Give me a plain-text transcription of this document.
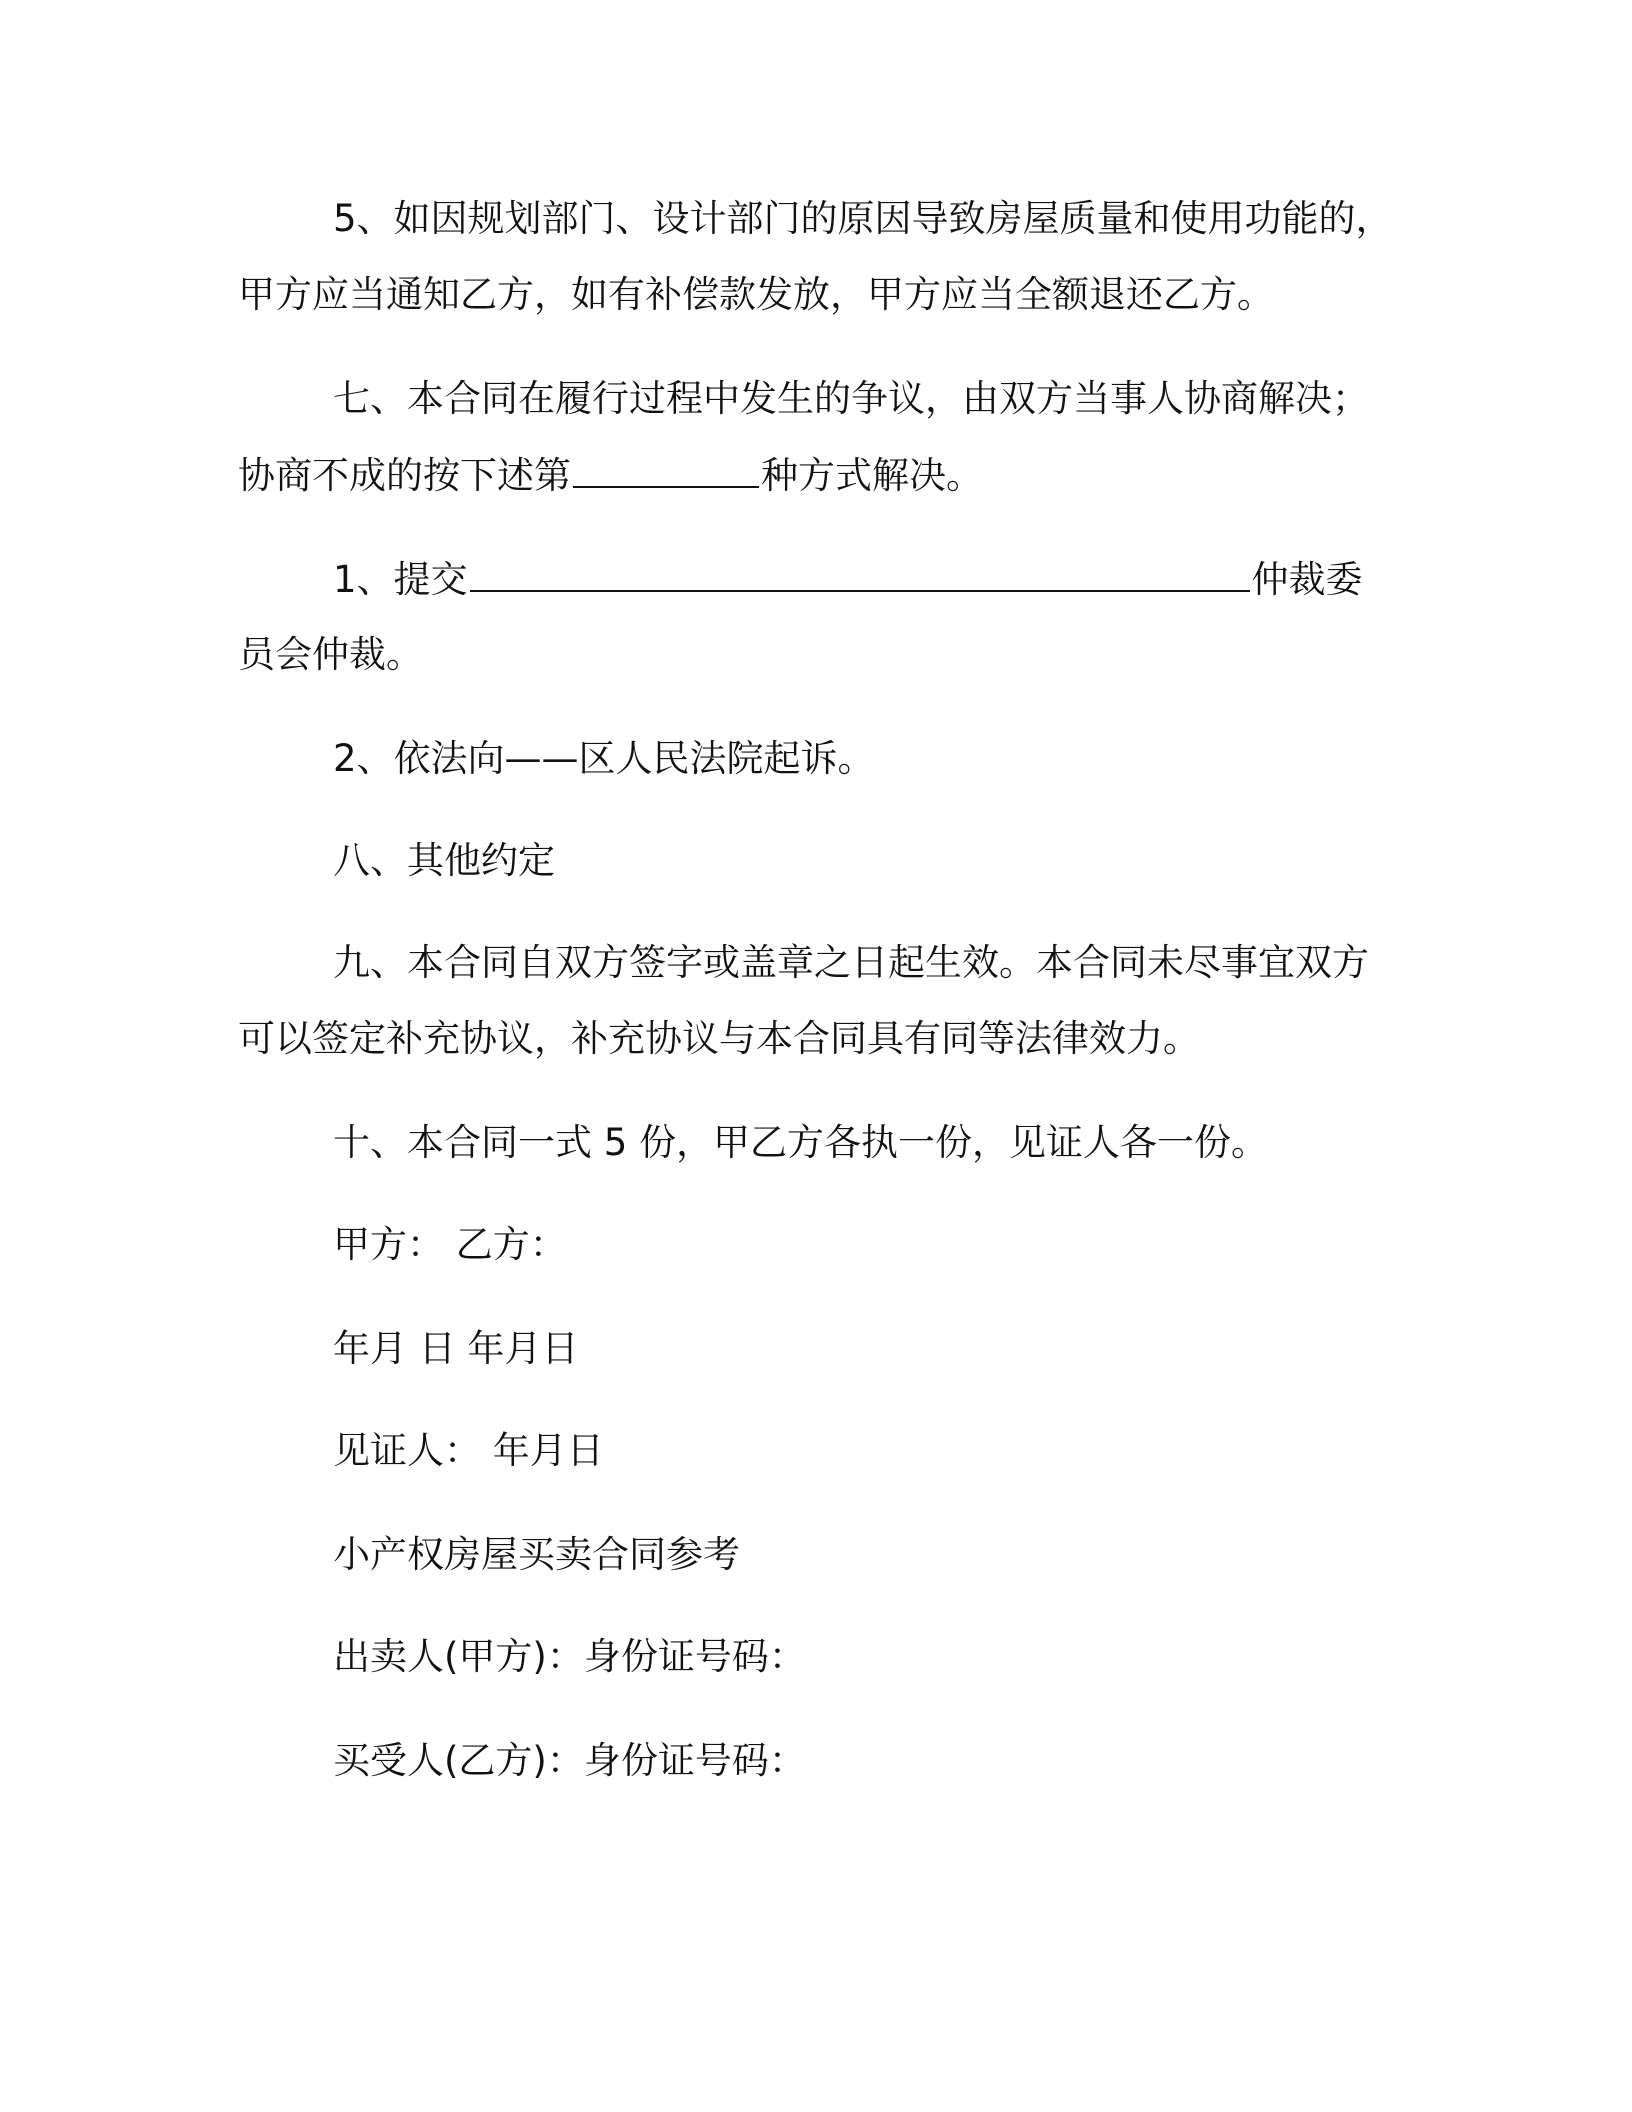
5、如因规划部门、设计部门的原因导致房屋质量和使用功能的，

甲方应当通知乙方，如有补偿款发放，甲方应当全额退还乙方。

七、本合同在履行过程中发生的争议，由双方当事人协商解决；

协商不成的按下述第	种方式解决。

1、提交	仲裁委

员会仲裁。

2、依法向——区人民法院起诉。

八、其他约定

九、本合同自双方签字或盖章之日起生效。本合同未尽事宜双方

可以签定补充协议，补充协议与本合同具有同等法律效力。

十、本合同一式 5 份，甲乙方各执一份，见证人各一份。

甲方： 乙方：

年月 日 年月日

见证人： 年月日

小产权房屋买卖合同参考

出卖人(甲方)：身份证号码：

买受人(乙方)：身份证号码：
